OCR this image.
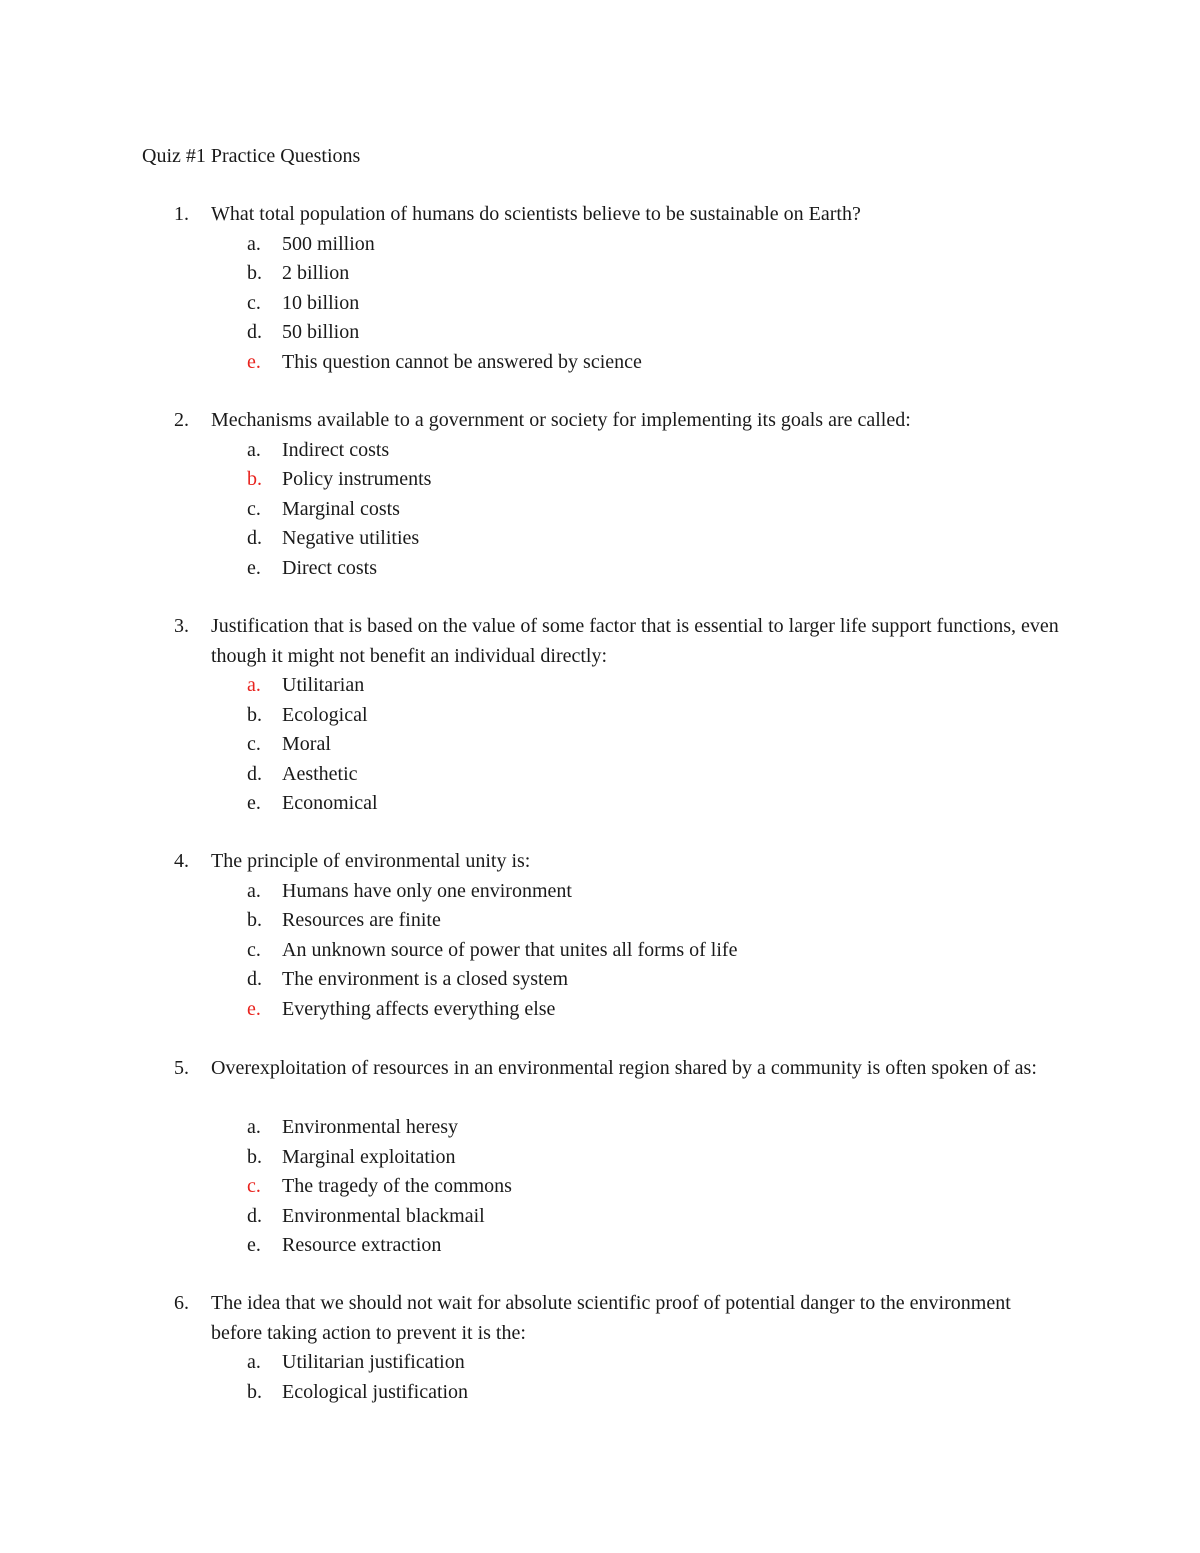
Quiz #1 Practice Questions
1. What total population of humans do scientists believe to be sustainable on Earth?
a. 500 million
b. 2 billion
c. 10 billion
d. 50 billion
e. This question cannot be answered by science
2. Mechanisms available to a government or society for implementing its goals are called:
a. Indirect costs
b. Policy instruments
c. Marginal costs
d. Negative utilities
e. Direct costs
3. Justification that is based on the value of some factor that is essential to larger life support functions, even though it might not benefit an individual directly:
a. Utilitarian
b. Ecological
c. Moral
d. Aesthetic
e. Economical
4. The principle of environmental unity is:
a. Humans have only one environment
b. Resources are finite
c. An unknown source of power that unites all forms of life
d. The environment is a closed system
e. Everything affects everything else
5. Overexploitation of resources in an environmental region shared by a community is often spoken of as:
a. Environmental heresy
b. Marginal exploitation
c. The tragedy of the commons
d. Environmental blackmail
e. Resource extraction
6. The idea that we should not wait for absolute scientific proof of potential danger to the environment before taking action to prevent it is the:
a. Utilitarian justification
b. Ecological justification
